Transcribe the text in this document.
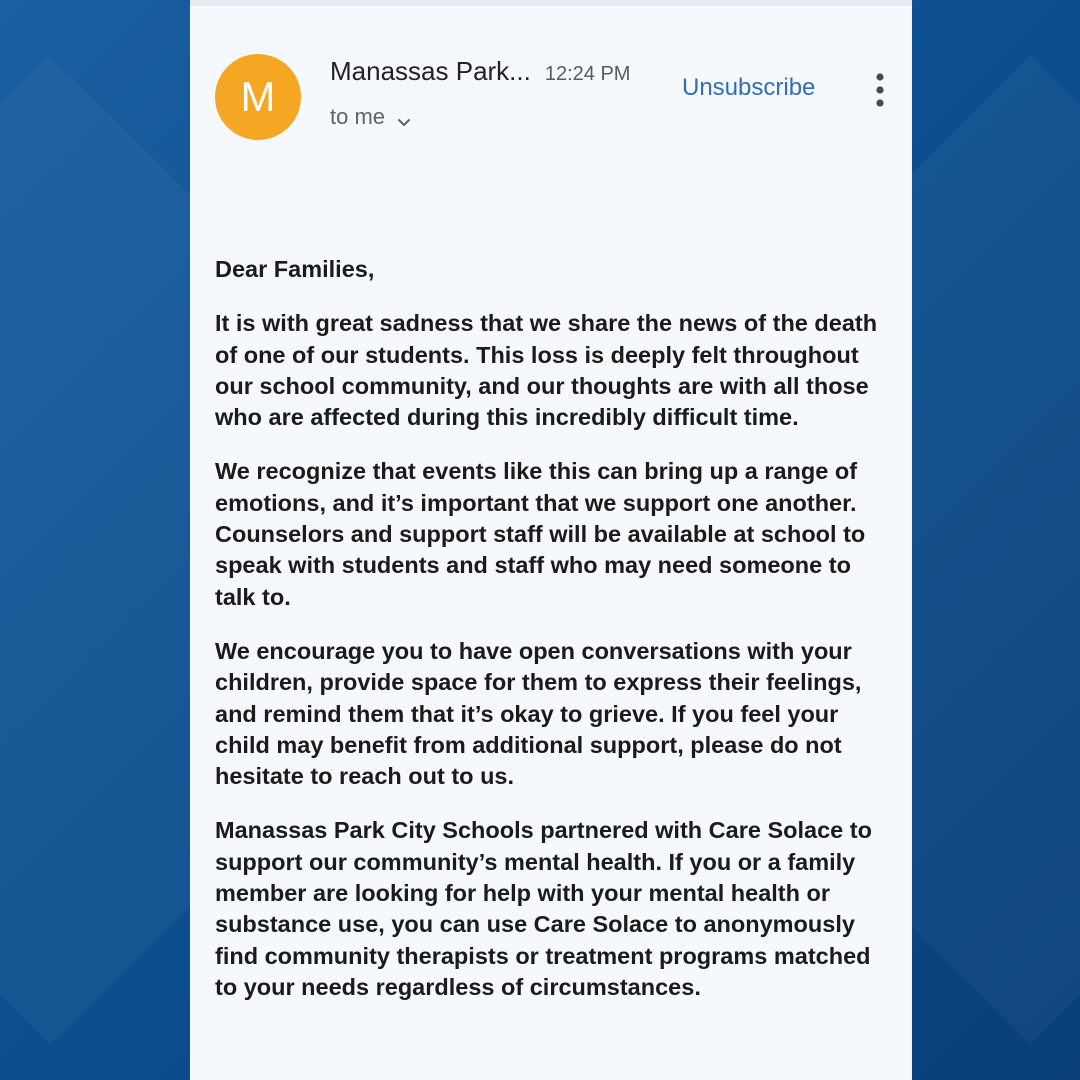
M
Manassas Park... 12:24 PM
to me
Unsubscribe

Dear Families,

It is with great sadness that we share the news of the death of one of our students. This loss is deeply felt throughout our school community, and our thoughts are with all those who are affected during this incredibly difficult time.

We recognize that events like this can bring up a range of emotions, and it’s important that we support one another. Counselors and support staff will be available at school to speak with students and staff who may need someone to talk to.

We encourage you to have open conversations with your children, provide space for them to express their feelings, and remind them that it’s okay to grieve. If you feel your child may benefit from additional support, please do not hesitate to reach out to us.

Manassas Park City Schools partnered with Care Solace to support our community’s mental health. If you or a family member are looking for help with your mental health or substance use, you can use Care Solace to anonymously find community therapists or treatment programs matched to your needs regardless of circumstances.
